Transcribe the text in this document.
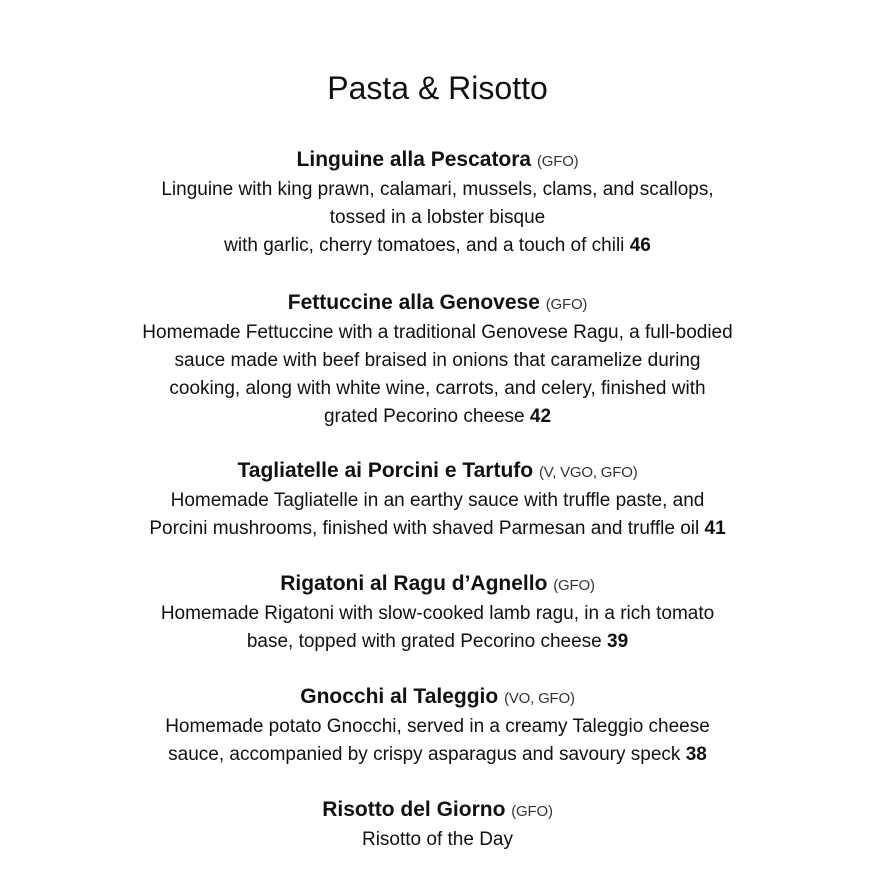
Pasta & Risotto

Linguine alla Pescatora (GFO)

Linguine with king prawn, calamari, mussels, clams, and scallops,
tossed in a lobster bisque
with garlic, cherry tomatoes, and a touch of chili 46

Fettuccine alla Genovese (GFO)

Homemade Fettuccine with a traditional Genovese Ragu, a full-bodied
sauce made with beef braised in onions that caramelize during
cooking, along with white wine, carrots, and celery, finished with
grated Pecorino cheese 42

Tagliatelle ai Porcini e Tartufo (V, VGO, GFO)

Homemade Tagliatelle in an earthy sauce with truffle paste, and
Porcini mushrooms, finished with shaved Parmesan and truffle oil 41

Rigatoni al Ragu d’Agnello (GFO)

Homemade Rigatoni with slow-cooked lamb ragu, in a rich tomato
base, topped with grated Pecorino cheese 39

Gnocchi al Taleggio (VO, GFO)

Homemade potato Gnocchi, served in a creamy Taleggio cheese
sauce, accompanied by crispy asparagus and savoury speck 38

Risotto del Giorno (GFO)

Risotto of the Day
